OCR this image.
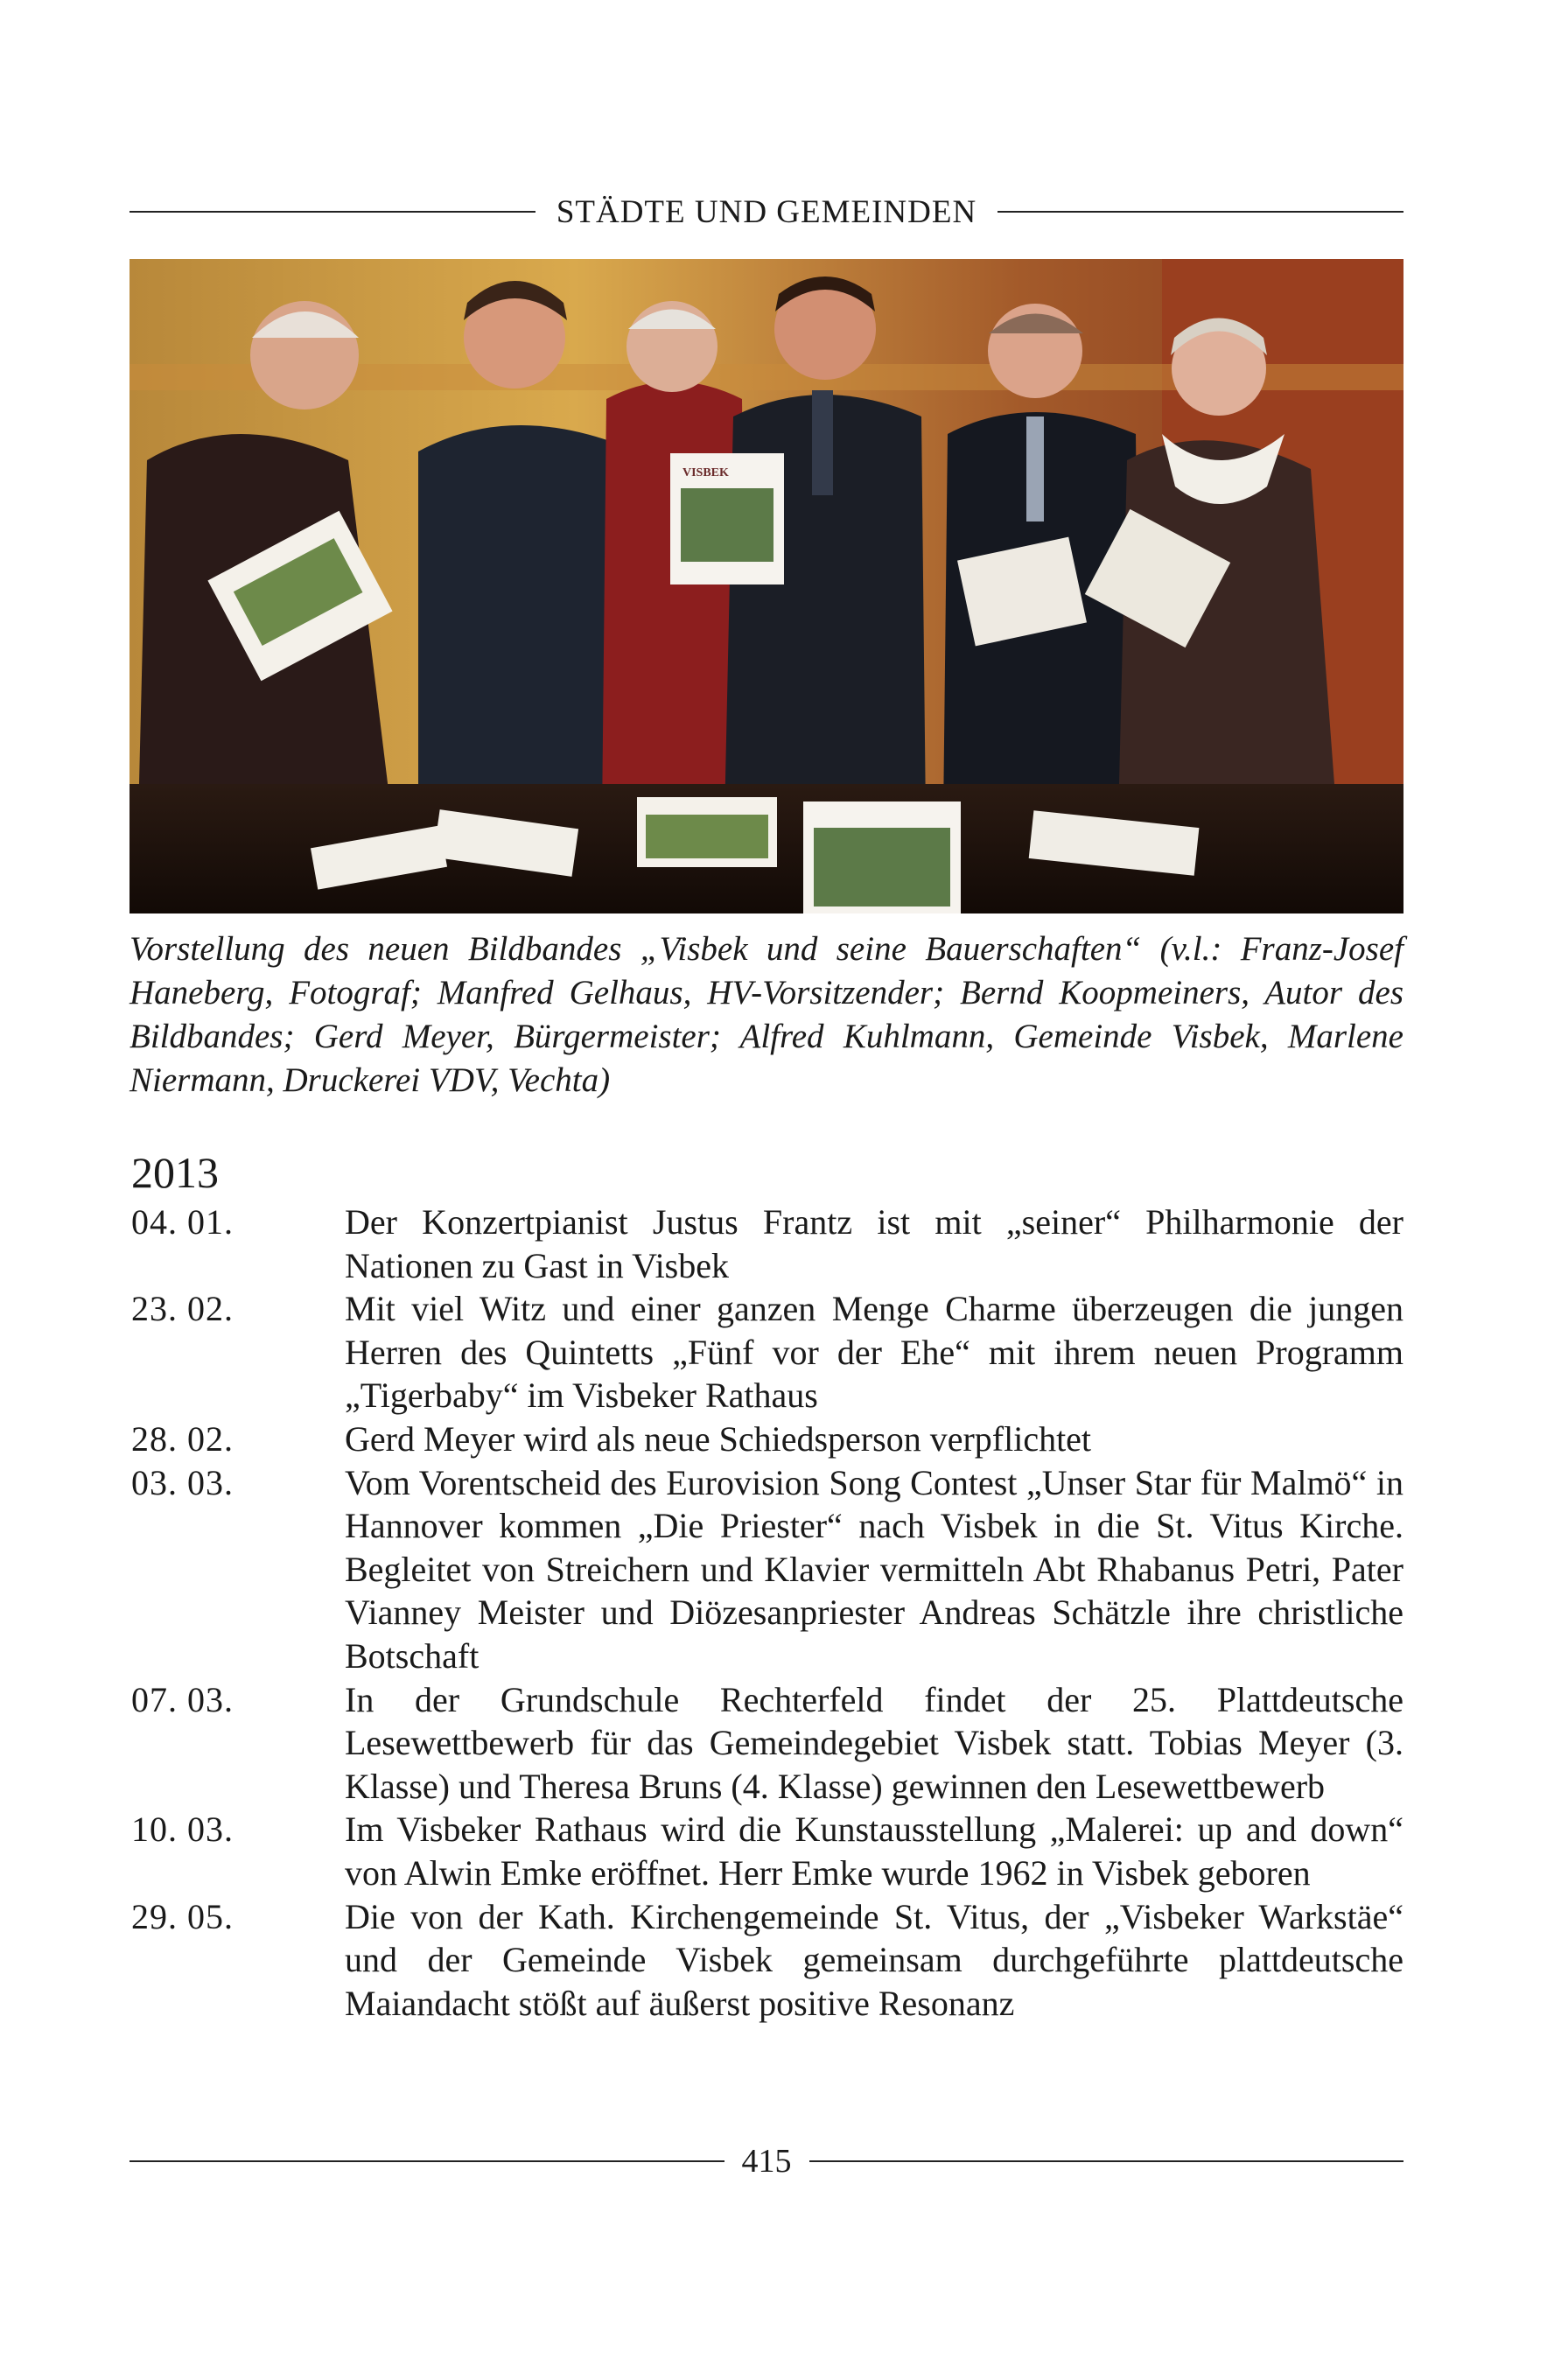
STÄDTE UND GEMEINDEN
VISBEK
Vorstellung des neuen Bildbandes „Visbek und seine Bauerschaften“ (v.l.: Franz-Josef Haneberg, Fotograf; Manfred Gelhaus, HV-Vorsitzender; Bernd Koopmeiners, Autor des Bildbandes; Gerd Meyer, Bürgermeister; Alfred Kuhlmann, Gemeinde Visbek, Marlene Niermann, Druckerei VDV, Vechta)
2013
04. 01.	Der Konzertpianist Justus Frantz ist mit „seiner“ Philharmonie der Nationen zu Gast in Visbek
23. 02.	Mit viel Witz und einer ganzen Menge Charme überzeugen die jungen Herren des Quintetts „Fünf vor der Ehe“ mit ihrem neuen Programm „Tigerbaby“ im Visbeker Rathaus
28. 02.	Gerd Meyer wird als neue Schiedsperson verpflichtet
03. 03.	Vom Vorentscheid des Eurovision Song Contest „Unser Star für Malmö“ in Hannover kommen „Die Priester“ nach Visbek in die St. Vitus Kirche. Begleitet von Streichern und Klavier vermitteln Abt Rhabanus Petri, Pater Vianney Meister und Diözesanpriester Andreas Schätzle ihre christliche Botschaft
07. 03.	In der Grundschule Rechterfeld findet der 25. Plattdeutsche Lesewettbewerb für das Gemeindegebiet Visbek statt. Tobias Meyer (3. Klasse) und Theresa Bruns (4. Klasse) gewinnen den Lesewettbewerb
10. 03.	Im Visbeker Rathaus wird die Kunstausstellung „Malerei: up and down“ von Alwin Emke eröffnet. Herr Emke wurde 1962 in Visbek geboren
29. 05.	Die von der Kath. Kirchengemeinde St. Vitus, der „Visbeker Warkstäe“ und der Gemeinde Visbek gemeinsam durchgeführte plattdeutsche Maiandacht stößt auf äußerst positive Resonanz
415
